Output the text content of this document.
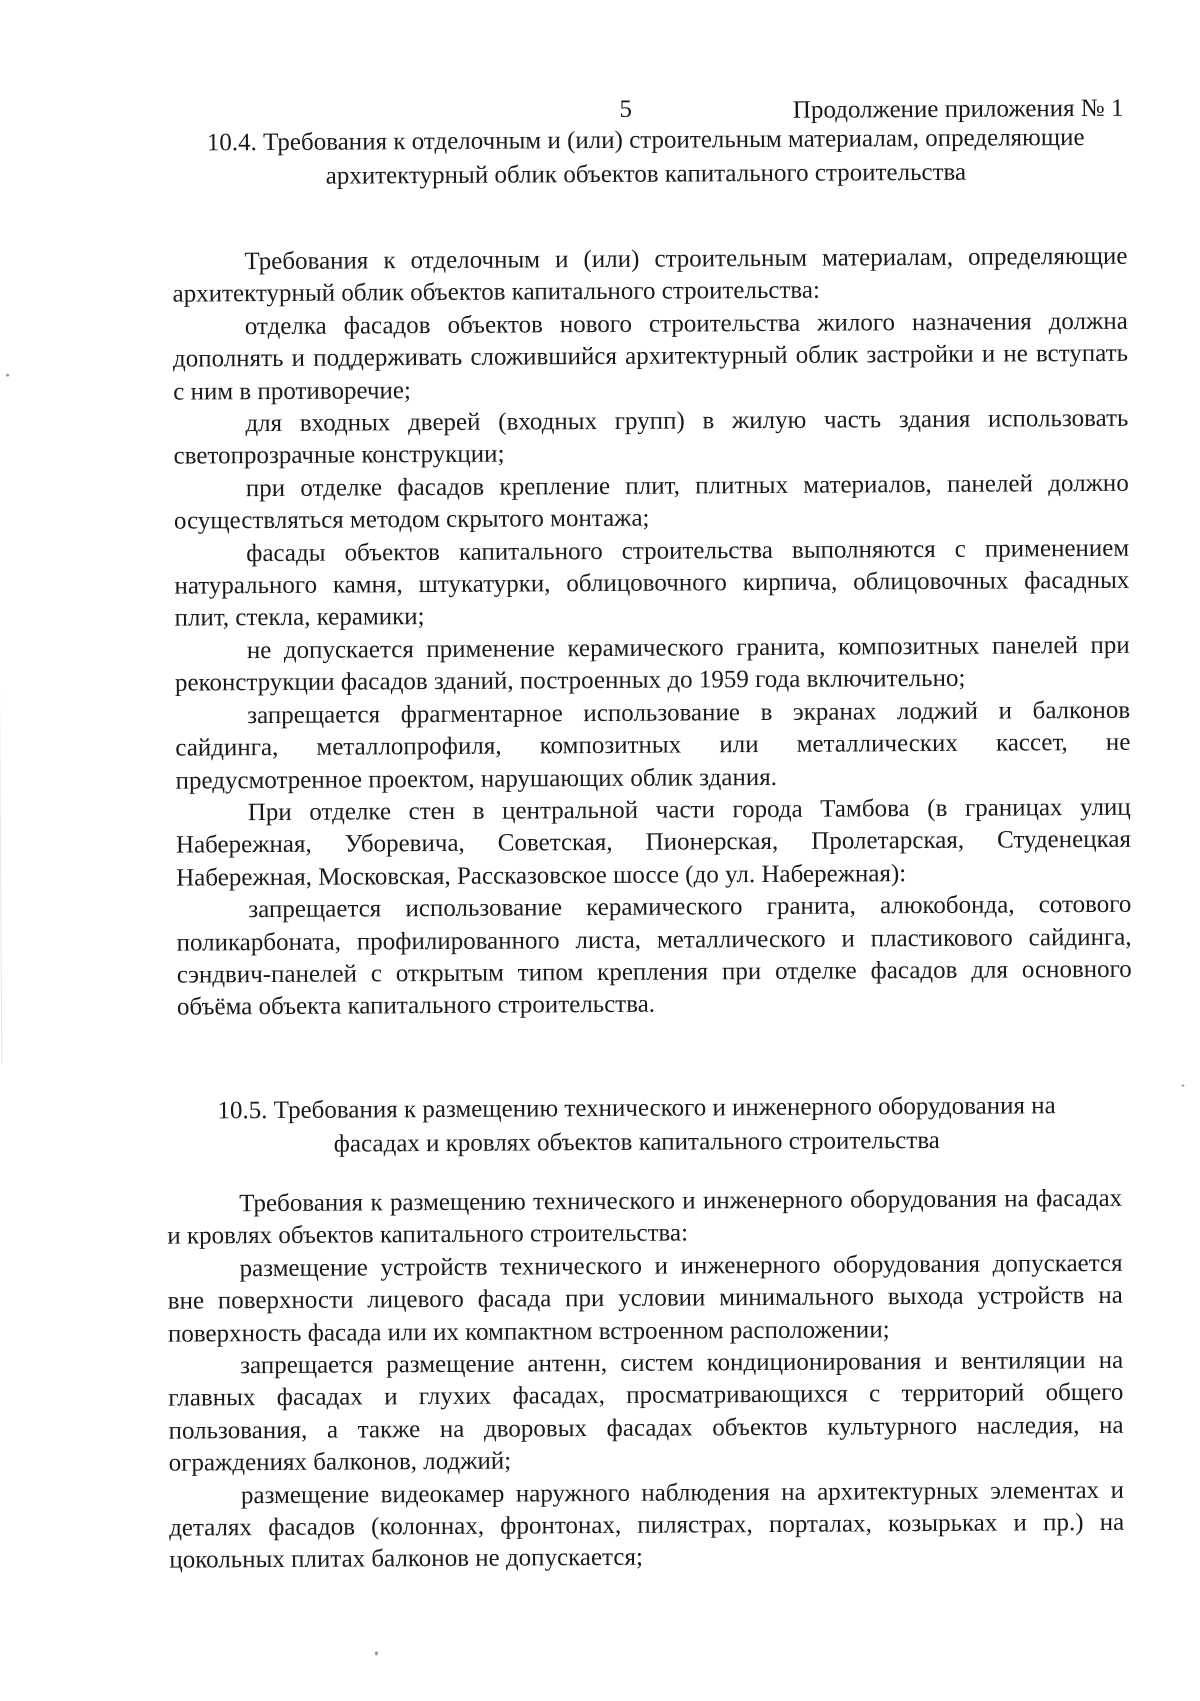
5	Продолжение приложения № 1
10.4. Требования к отделочным и (или) строительным материалам, определяющие архитектурный облик объектов капитального строительства

Требования к отделочным и (или) строительным материалам, определяющие архитектурный облик объектов капитального строительства:

отделка фасадов объектов нового строительства жилого назначения должна дополнять и поддерживать сложившийся архитектурный облик застройки и не вступать с ним в противоречие;

для входных дверей (входных групп) в жилую часть здания использовать светопрозрачные конструкции;

при отделке фасадов крепление плит, плитных материалов, панелей должно осуществляться методом скрытого монтажа;

фасады объектов капитального строительства выполняются с применением натурального камня, штукатурки, облицовочного кирпича, облицовочных фасадных плит, стекла, керамики;

не допускается применение керамического гранита, композитных панелей при реконструкции фасадов зданий, построенных до 1959 года включительно;

запрещается фрагментарное использование в экранах лоджий и балконов сайдинга, металлопрофиля, композитных или металлических кассет, не предусмотренное проектом, нарушающих облик здания.

При отделке стен в центральной части города Тамбова (в границах улиц Набережная, Уборевича, Советская, Пионерская, Пролетарская, Студенецкая Набережная, Московская, Рассказовское шоссе (до ул. Набережная):

запрещается использование керамического гранита, алюкобонда, сотового поликарбоната, профилированного листа, металлического и пластикового сайдинга, сэндвич-панелей с открытым типом крепления при отделке фасадов для основного объёма объекта капитального строительства.

10.5. Требования к размещению технического и инженерного оборудования на фасадах и кровлях объектов капитального строительства

Требования к размещению технического и инженерного оборудования на фасадах и кровлях объектов капитального строительства:

размещение устройств технического и инженерного оборудования допускается вне поверхности лицевого фасада при условии минимального выхода устройств на поверхность фасада или их компактном встроенном расположении;

запрещается размещение антенн, систем кондиционирования и вентиляции на главных фасадах и глухих фасадах, просматривающихся с территорий общего пользования, а также на дворовых фасадах объектов культурного наследия, на ограждениях балконов, лоджий;

размещение видеокамер наружного наблюдения на архитектурных элементах и деталях фасадов (колоннах, фронтонах, пилястрах, порталах, козырьках и пр.) на цокольных плитах балконов не допускается;
